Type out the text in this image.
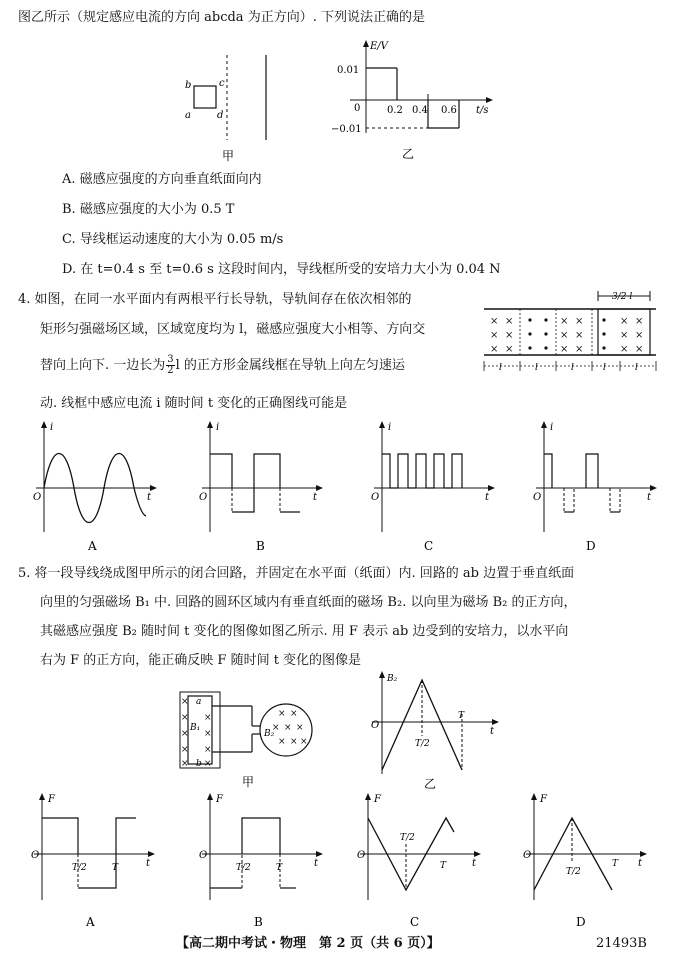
图乙所示（规定感应电流的方向 abcda 为正方向）. 下列说法正确的是
b	c
a	d
甲
E/V
t/s
0
0.01
−0.01
0.2 0.4 0.6
乙
A. 磁感应强度的方向垂直纸面向内
B. 磁感应强度的大小为 0.5 T
C. 导线框运动速度的大小为 0.05 m/s
D. 在 t=0.4 s 至 t=0.6 s 这段时间内，导线框所受的安培力大小为 0.04 N
4. 如图，在同一水平面内有两根平行长导轨，导轨间存在依次相邻的
矩形匀强磁场区域，区域宽度均为 l，磁感应强度大小相等、方向交
替向上向下. 一边长为 $\frac{3}{2}$ l 的正方形金属线框在导轨上向左匀速运
动. 线框中感应电流 i 随时间 t 变化的正确图线可能是
3/2 l
× ×
× ×
× ×
× ×
× ×
× ×
× ×
× ×
× ×
l	l	l	l	l
i
t
O
A
i
t
O
B
i
t
O
C
i
t
O
D
5. 将一段导线绕成图甲所示的闭合回路，并固定在水平面（纸面）内. 回路的 ab 边置于垂直纸面
向里的匀强磁场 B₁ 中. 回路的圆环区域内有垂直纸面的磁场 B₂. 以向里为磁场 B₂ 的正方向，
其磁感应强度 B₂ 随时间 t 变化的图像如图乙所示. 用 F 表示 ab 边受到的安培力，以水平向
右为 F 的正方向，能正确反映 F 随时间 t 变化的图像是
×
×
×
×
×
×
×
×
×
× ×
× × ×
× × ×
a
b
B₁
B₂
甲
B₂
t
O
T/2
T
乙
F
t
O
T/2	T
A
F
t
O
T/2	T
B
F
t
O
T/2
T
C
F
t
O
T/2
T
D
【高二期中考试・物理　第 2 页（共 6 页）】	21493B
